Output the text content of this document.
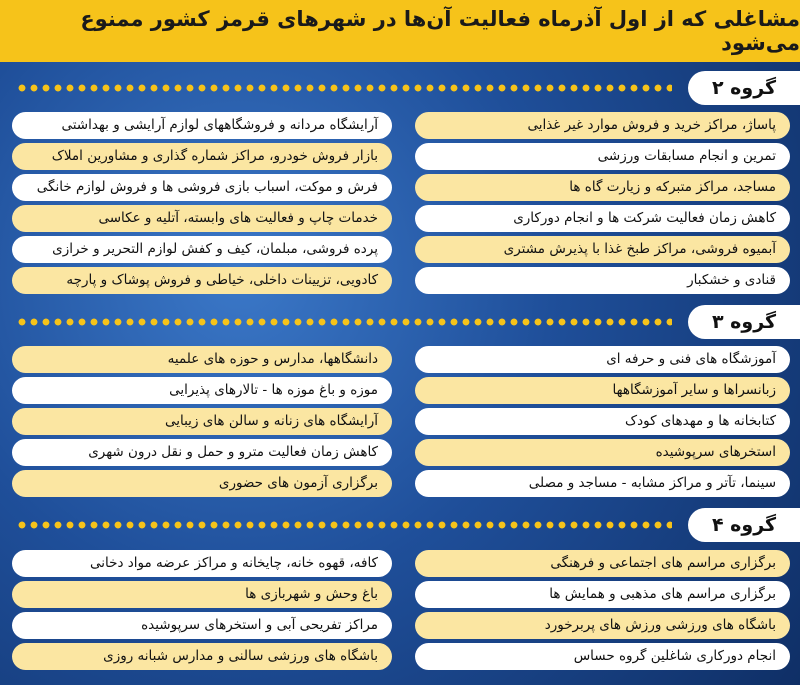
مشاغلی که از اول آذرماه فعالیت آن‌ها در شهرهای قرمز کشور ممنوع می‌شود
گروه ۲
پاساژ، مراکز خرید و فروش موارد غیر غذایی
تمرین و انجام مسابقات ورزشی
مساجد، مراکز متبرکه و زیارت گاه ها
کاهش زمان فعالیت شرکت ها و انجام دورکاری
آبمیوه فروشی، مراکز طبخ غذا با پذیرش مشتری
قنادی و خشکبار
آرایشگاه مردانه و فروشگاههای لوازم آرایشی و بهداشتی
بازار فروش خودرو، مراکز شماره گذاری و مشاورین املاک
فرش و موکت، اسباب بازی فروشی ها و فروش لوازم خانگی
خدمات چاپ و فعالیت های وابسته، آتلیه و عکاسی
پرده فروشی، مبلمان، کیف و کفش لوازم التحریر و خرازی
کادویی، تزیینات داخلی، خیاطی و فروش پوشاک و پارچه
گروه ۳
آموزشگاه های فنی و حرفه ای
زبانسراها و سایر آموزشگاهها
کتابخانه ها و مهدهای کودک
استخرهای سرپوشیده
سینما، تآتر و مراکز مشابه - مساجد و مصلی
دانشگاهها، مدارس و حوزه های علمیه
موزه و باغ موزه ها - تالارهای پذیرایی
آرایشگاه های زنانه و سالن های زیبایی
کاهش زمان فعالیت مترو و حمل و نقل درون شهری
برگزاری آزمون های حضوری
گروه ۴
برگزاری مراسم های اجتماعی و فرهنگی
برگزاری مراسم های مذهبی و همایش ها
باشگاه های ورزشی ورزش های پربرخورد
انجام دورکاری شاغلین گروه حساس
کافه، قهوه خانه، چایخانه و مراکز عرضه مواد دخانی
باغ وحش و شهربازی ها
مراکز تفریحی آبی و استخرهای سرپوشیده
باشگاه های ورزشی سالنی و مدارس شبانه روزی
